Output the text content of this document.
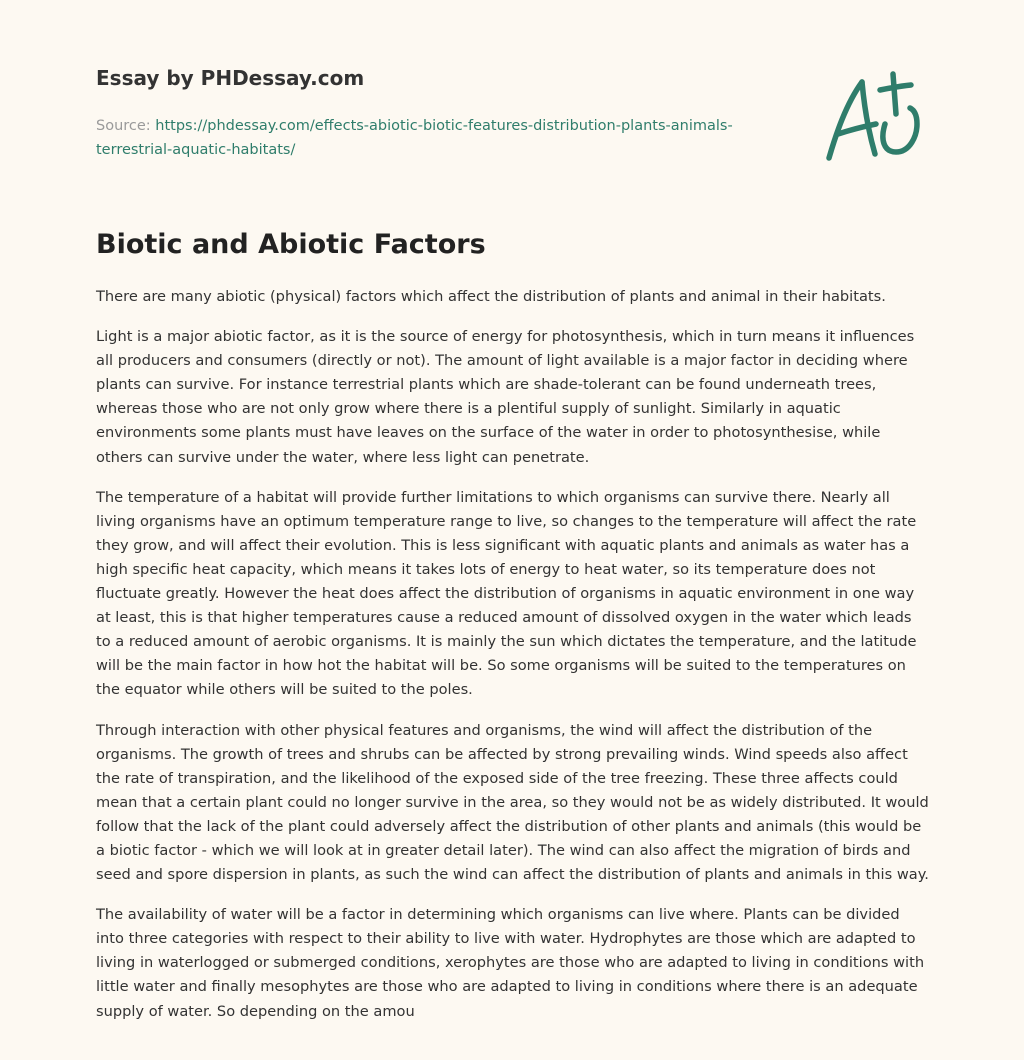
Essay by PHDessay.com
Source: https://phdessay.com/effects-abiotic-biotic-features-distribution-plants-animals-
terrestrial-aquatic-habitats/
Biotic and Abiotic Factors

There are many abiotic (physical) factors which affect the distribution of plants and animal in their habitats.

Light is a major abiotic factor, as it is the source of energy for photosynthesis, which in turn means it influences all producers and consumers (directly or not). The amount of light available is a major factor in deciding where plants can survive. For instance terrestrial plants which are shade-tolerant can be found underneath trees, whereas those who are not only grow where there is a plentiful supply of sunlight. Similarly in aquatic environments some plants must have leaves on the surface of the water in order to photosynthesise, while others can survive under the water, where less light can penetrate.

The temperature of a habitat will provide further limitations to which organisms can survive there. Nearly all living organisms have an optimum temperature range to live, so changes to the temperature will affect the rate they grow, and will affect their evolution. This is less significant with aquatic plants and animals as water has a high specific heat capacity, which means it takes lots of energy to heat water, so its temperature does not fluctuate greatly. However the heat does affect the distribution of organisms in aquatic environment in one way at least, this is that higher temperatures cause a reduced amount of dissolved oxygen in the water which leads to a reduced amount of aerobic organisms. It is mainly the sun which dictates the temperature, and the latitude will be the main factor in how hot the habitat will be. So some organisms will be suited to the temperatures on the equator while others will be suited to the poles.

Through interaction with other physical features and organisms, the wind will affect the distribution of the organisms. The growth of trees and shrubs can be affected by strong prevailing winds. Wind speeds also affect the rate of transpiration, and the likelihood of the exposed side of the tree freezing. These three affects could mean that a certain plant could no longer survive in the area, so they would not be as widely distributed. It would follow that the lack of the plant could adversely affect the distribution of other plants and animals (this would be a biotic factor - which we will look at in greater detail later). The wind can also affect the migration of birds and seed and spore dispersion in plants, as such the wind can affect the distribution of plants and animals in this way.

The availability of water will be a factor in determining which organisms can live where. Plants can be divided into three categories with respect to their ability to live with water. Hydrophytes are those which are adapted to living in waterlogged or submerged conditions, xerophytes are those who are adapted to living in conditions with little water and finally mesophytes are those who are adapted to living in conditions where there is an adequate supply of water. So depending on the amou
